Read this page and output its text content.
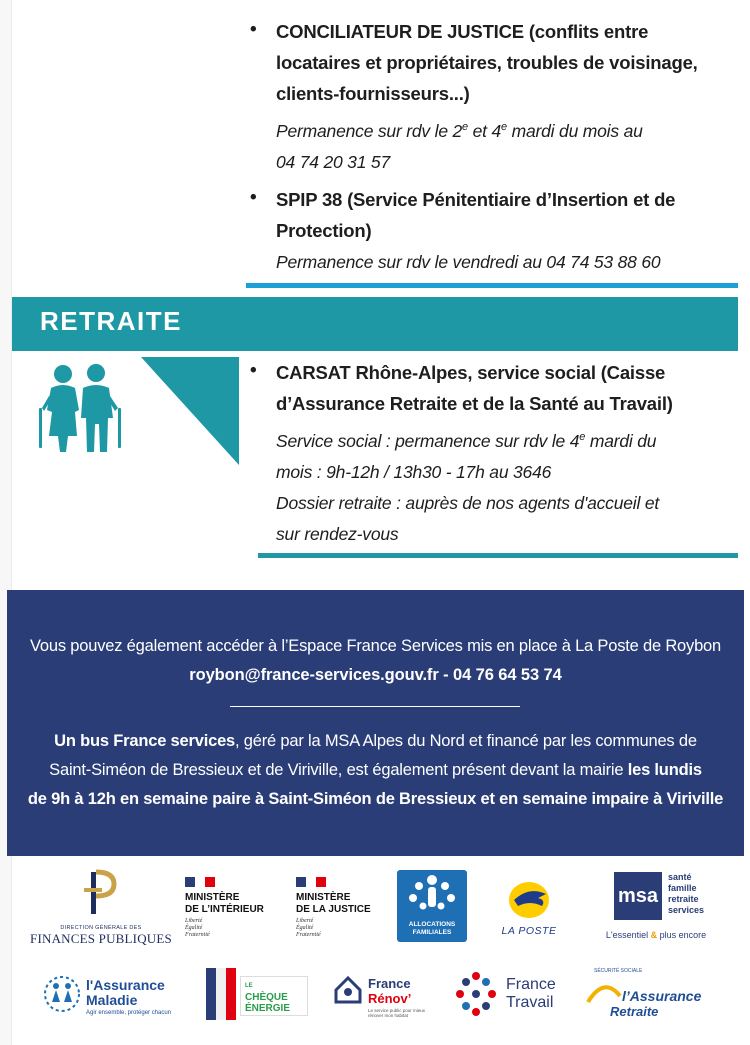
• CONCILIATEUR DE JUSTICE (conflits entre
locataires et propriétaires, troubles de voisinage,
clients-fournisseurs...)
Permanence sur rdv le 2e et 4e mardi du mois au
04 74 20 31 57
• SPIP 38 (Service Pénitentiaire d’Insertion et de
Protection)
Permanence sur rdv le vendredi au 04 74 53 88 60
RETRAITE
• CARSAT Rhône-Alpes, service social (Caisse
d’Assurance Retraite et de la Santé au Travail)
Service social : permanence sur rdv le 4e mardi du
mois : 9h-12h / 13h30 - 17h au 3646
Dossier retraite : auprès de nos agents d'accueil et
sur rendez-vous
Vous pouvez également accéder à l’Espace France Services mis en place à La Poste de Roybon
roybon@france-services.gouv.fr - 04 76 64 53 74
Un bus France services, géré par la MSA Alpes du Nord et financé par les communes de
Saint-Siméon de Bressieux et de Viriville, est également présent devant la mairie les lundis
de 9h à 12h en semaine paire à Saint-Siméon de Bressieux et en semaine impaire à Viriville
DIRECTION GÉNÉRALE DES
FINANCES PUBLIQUES
MINISTÈRE
DE L’INTÉRIEUR
Liberté
Égalité
Fraternité
MINISTÈRE
DE LA JUSTICE
Liberté
Égalité
Fraternité
ALLOCATIONS
FAMILIALES	LA POSTE
msa
santé
famille
retraite
services
L'essentiel & plus encore
l'Assurance
Maladie
Agir ensemble, protéger chacun
LE
CHÈQUE
ÉNERGIE
France
Rénov’
Le service public pour mieux rénover mon habitat
France
Travail
SÉCURITÉ SOCIALE
l’Assurance
Retraite
